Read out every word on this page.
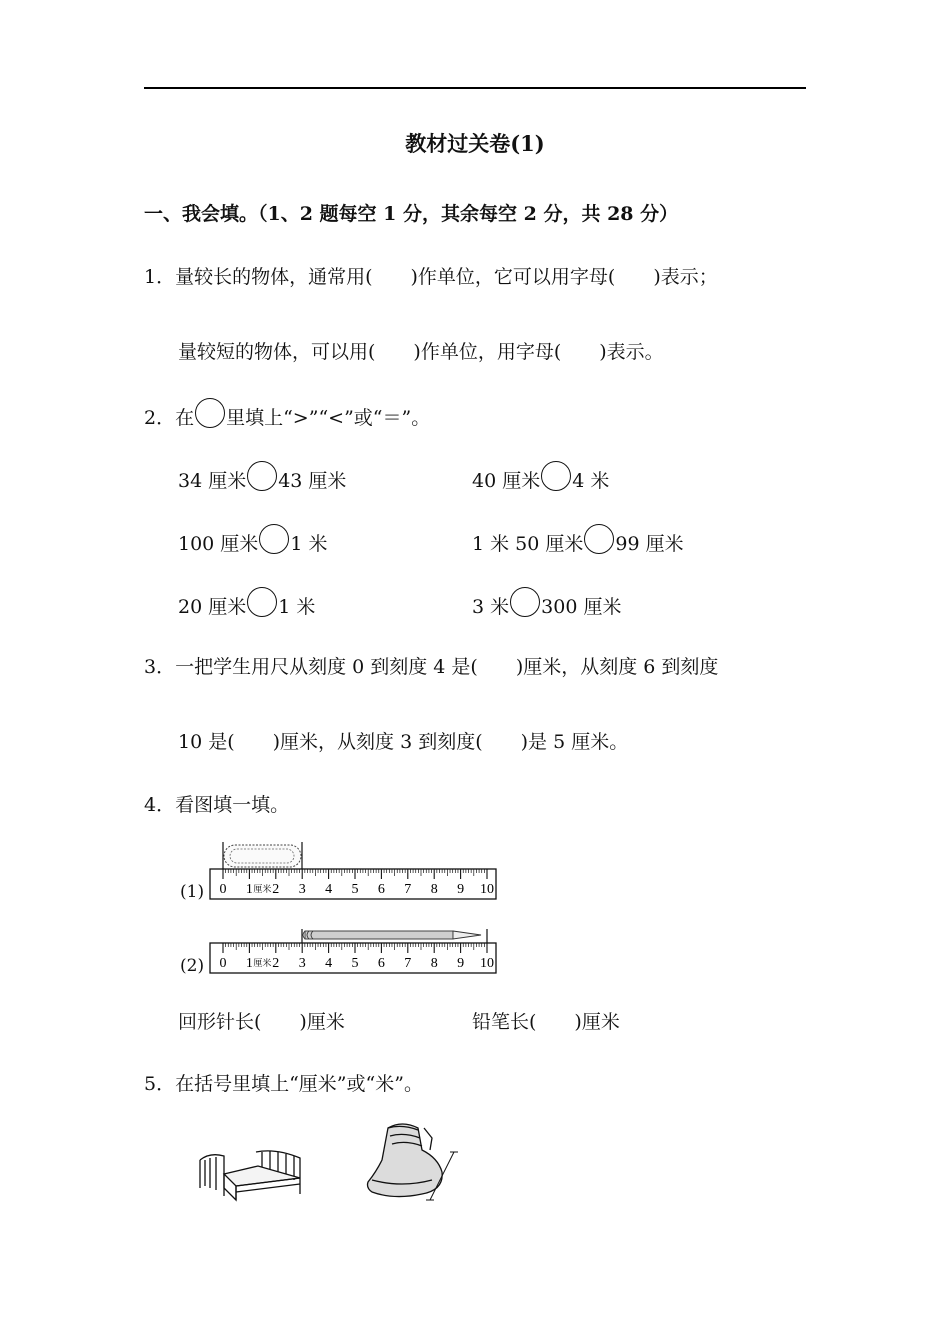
教材过关卷(1)
一、我会填。（1、2 题每空 1 分，其余每空 2 分，共 28 分）
1．量较长的物体，通常用(　　)作单位，它可以用字母(　　)表示；
量较短的物体，可以用(　　)作单位，用字母(　　)表示。
2．在 里填上“>”“<”或“＝”。
34 厘米 43 厘米	40 厘米 4 米
100 厘米 1 米	1 米 50 厘米 99 厘米
20 厘米 1 米	3 米 300 厘米
3．一把学生用尺从刻度 0 到刻度 4 是(　　)厘米，从刻度 6 到刻度
10 是(　　)厘米，从刻度 3 到刻度(　　)是 5 厘米。
4．看图填一填。
(1)
(2)
0 1 厘米 2 3 4 5 6 7 8 9 10
0 1 厘米 2 3 4 5 6 7 8 9 10
回形针长(　　)厘米	铅笔长(　　)厘米
5．在括号里填上“厘米”或“米”。
